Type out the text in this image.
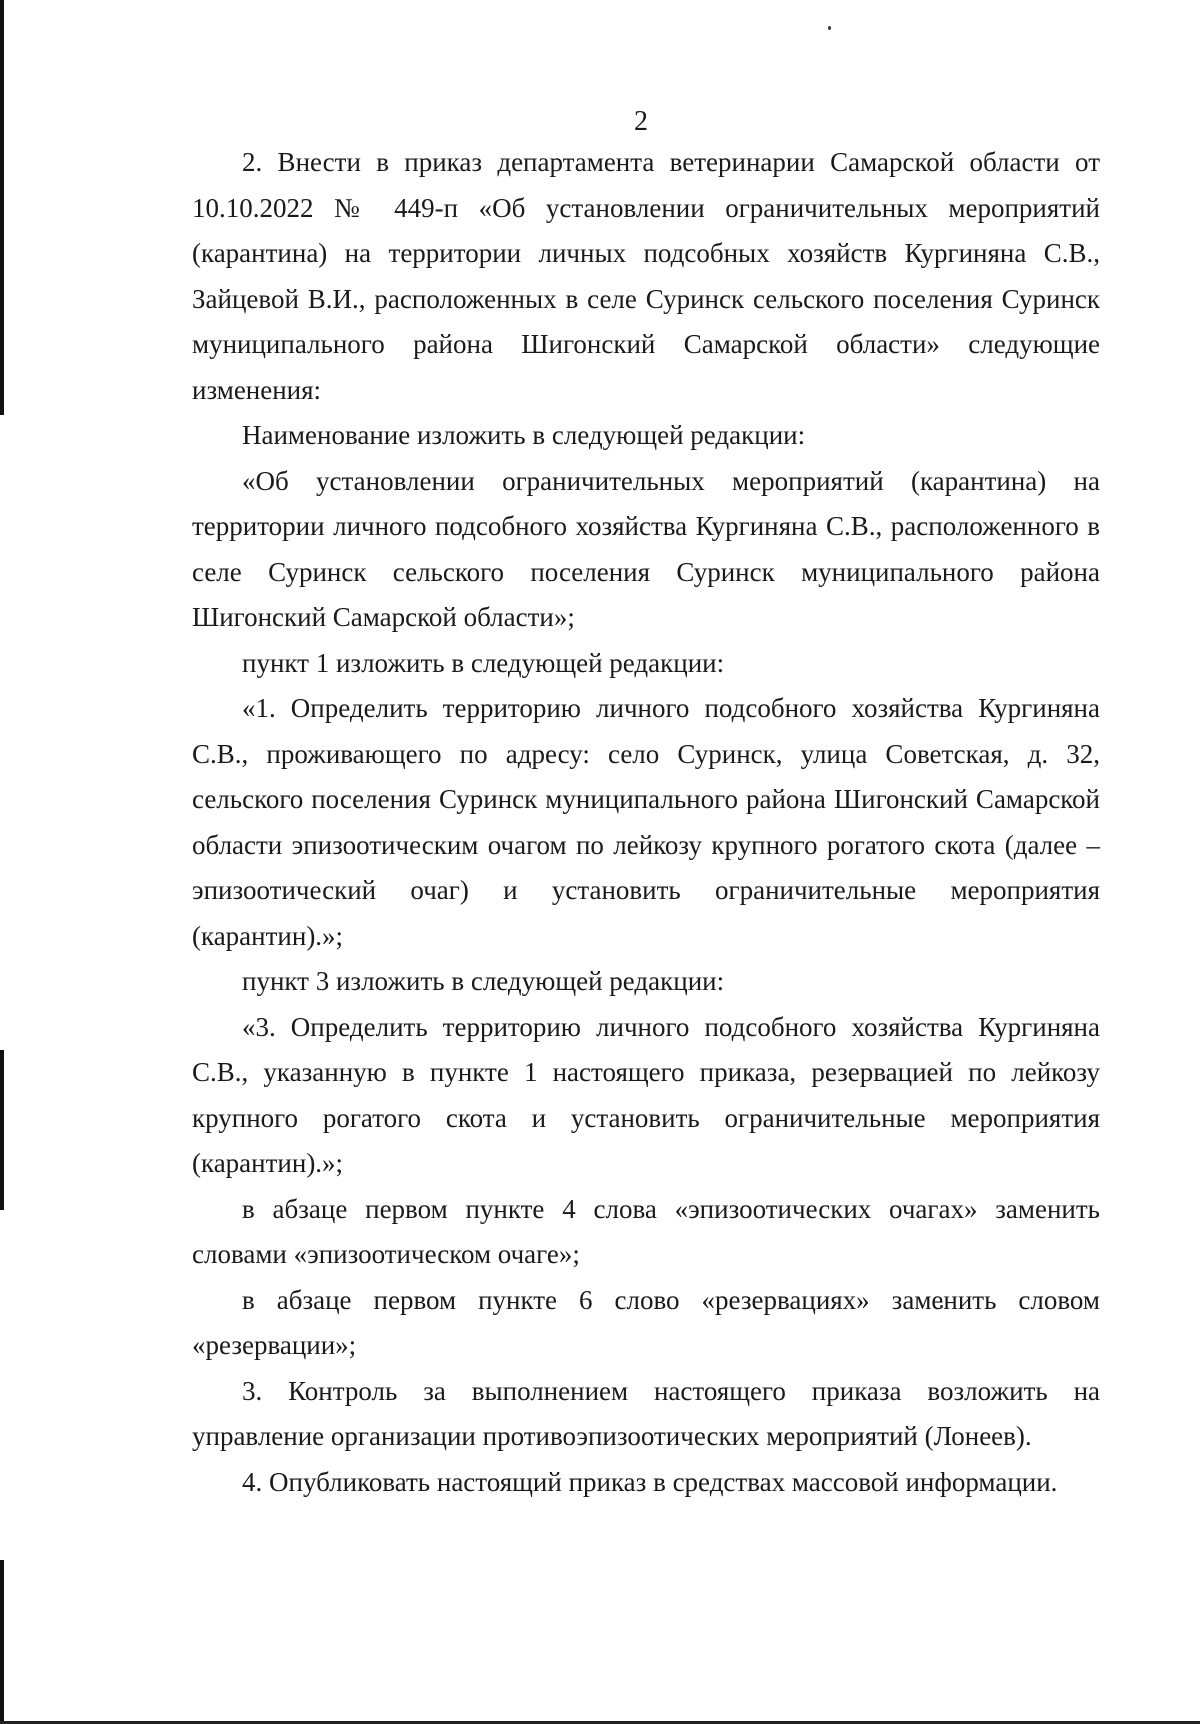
2

2. Внести в приказ департамента ветеринарии Самарской области от 10.10.2022 № 449-п «Об установлении ограничительных мероприятий (карантина) на территории личных подсобных хозяйств Кургиняна С.В., Зайцевой В.И., расположенных в селе Суринск сельского поселения Суринск муниципального района Шигонский Самарской области» следующие изменения:

Наименование изложить в следующей редакции:

«Об установлении ограничительных мероприятий (карантина) на территории личного подсобного хозяйства Кургиняна С.В., расположенного в селе Суринск сельского поселения Суринск муниципального района Шигонский Самарской области»;

пункт 1 изложить в следующей редакции:

«1. Определить территорию личного подсобного хозяйства Кургиняна С.В., проживающего по адресу: село Суринск, улица Советская, д. 32, сельского поселения Суринск муниципального района Шигонский Самарской области эпизоотическим очагом по лейкозу крупного рогатого скота (далее – эпизоотический очаг) и установить ограничительные мероприятия (карантин).»;

пункт 3 изложить в следующей редакции:

«3. Определить территорию личного подсобного хозяйства Кургиняна С.В., указанную в пункте 1 настоящего приказа, резервацией по лейкозу крупного рогатого скота и установить ограничительные мероприятия (карантин).»;

в абзаце первом пункте 4 слова «эпизоотических очагах» заменить словами «эпизоотическом очаге»;

в абзаце первом пункте 6 слово «резервациях» заменить словом «резервации»;

3. Контроль за выполнением настоящего приказа возложить на управление организации противоэпизоотических мероприятий (Лонеев).

4. Опубликовать настоящий приказ в средствах массовой информации.
